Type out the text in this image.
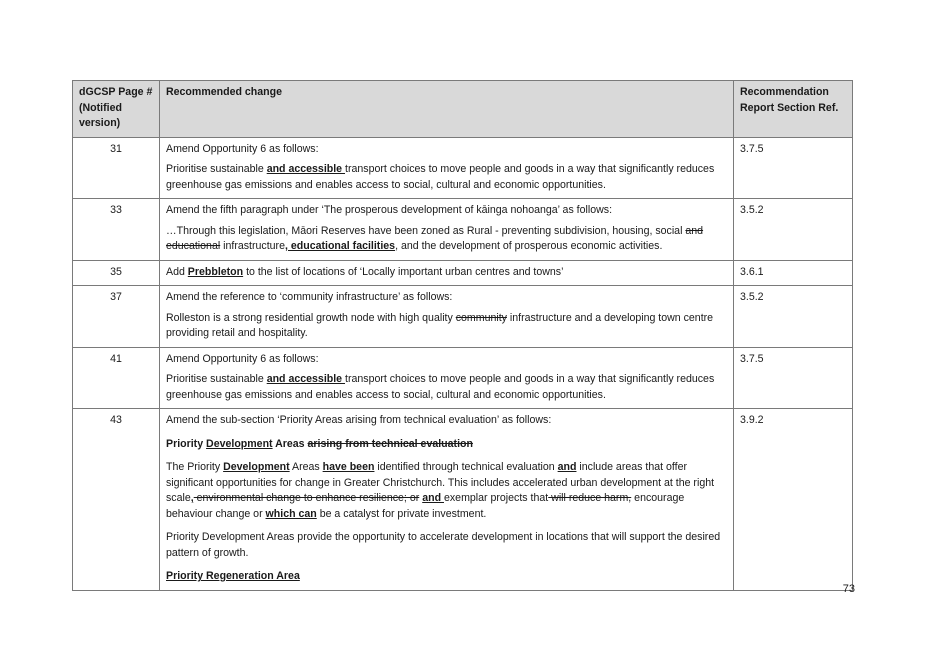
dGCSP Page # (Notified version)	Recommended change	Recommendation Report Section Ref.
31	Amend Opportunity 6 as follows:

Prioritise sustainable and accessible transport choices to move people and goods in a way that significantly reduces greenhouse gas emissions and enables access to social, cultural and economic opportunities.	3.7.5
33	Amend the fifth paragraph under ‘The prosperous development of kāinga nohoanga’ as follows:

…Through this legislation, Māori Reserves have been zoned as Rural - preventing subdivision, housing, social and educational infrastructure, educational facilities, and the development of prosperous economic activities.	3.5.2
35	Add Prebbleton to the list of locations of ‘Locally important urban centres and towns’	3.6.1
37	Amend the reference to ‘community infrastructure’ as follows:

Rolleston is a strong residential growth node with high quality community infrastructure and a developing town centre providing retail and hospitality.	3.5.2
41	Amend Opportunity 6 as follows:

Prioritise sustainable and accessible transport choices to move people and goods in a way that significantly reduces greenhouse gas emissions and enables access to social, cultural and economic opportunities.	3.7.5
43	Amend the sub-section ‘Priority Areas arising from technical evaluation’ as follows:

Priority Development Areas arising from technical evaluation

The Priority Development Areas have been identified through technical evaluation and include areas that offer significant opportunities for change in Greater Christchurch. This includes accelerated urban development at the right scale, environmental change to enhance resilience; or and exemplar projects that will reduce harm, encourage behaviour change or which can be a catalyst for private investment.

Priority Development Areas provide the opportunity to accelerate development in locations that will support the desired pattern of growth.

Priority Regeneration Area	3.9.2
73
